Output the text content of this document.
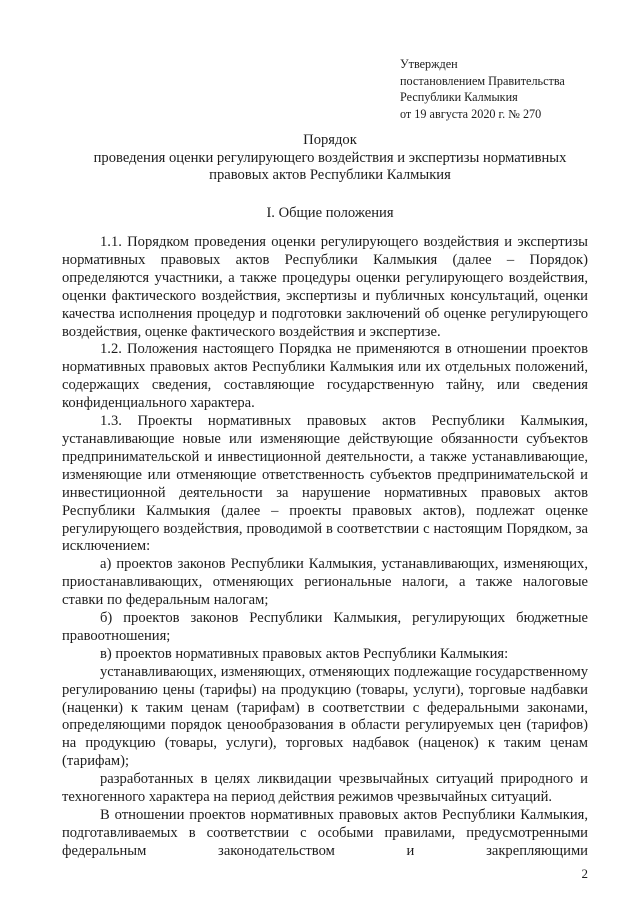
Утвержден
постановлением Правительства
Республики Калмыкия
от 19 августа 2020 г. № 270
Порядок
проведения оценки регулирующего воздействия и экспертизы нормативных
правовых актов Республики Калмыкия
I. Общие положения

1.1. Порядком проведения оценки регулирующего воздействия и экспертизы нормативных правовых актов Республики Калмыкия (далее – Порядок) определяются участники, а также процедуры оценки регулирующего воздействия, оценки фактического воздействия, экспертизы и публичных консультаций, оценки качества исполнения процедур и подготовки заключений об оценке регулирующего воздействия, оценке фактического воздействия и экспертизе.

1.2. Положения настоящего Порядка не применяются в отношении проектов нормативных правовых актов Республики Калмыкия или их отдельных положений, содержащих сведения, составляющие государственную тайну, или сведения конфиденциального характера.

1.3. Проекты нормативных правовых актов Республики Калмыкия, устанавливающие новые или изменяющие действующие обязанности субъектов предпринимательской и инвестиционной деятельности, а также устанавливающие, изменяющие или отменяющие ответственность субъектов предпринимательской и инвестиционной деятельности за нарушение нормативных правовых актов Республики Калмыкия (далее – проекты правовых актов), подлежат оценке регулирующего воздействия, проводимой в соответствии с настоящим Порядком, за исключением:

а) проектов законов Республики Калмыкия, устанавливающих, изменяющих, приостанавливающих, отменяющих региональные налоги, а также налоговые ставки по федеральным налогам;

б) проектов законов Республики Калмыкия, регулирующих бюджетные правоотношения;

в) проектов нормативных правовых актов Республики Калмыкия:

устанавливающих, изменяющих, отменяющих подлежащие государственному регулированию цены (тарифы) на продукцию (товары, услуги), торговые надбавки (наценки) к таким ценам (тарифам) в соответствии с федеральными законами, определяющими порядок ценообразования в области регулируемых цен (тарифов) на продукцию (товары, услуги), торговых надбавок (наценок) к таким ценам (тарифам);

разработанных в целях ликвидации чрезвычайных ситуаций природного и техногенного характера на период действия режимов чрезвычайных ситуаций.

В отношении проектов нормативных правовых актов Республики Калмыкия, подготавливаемых в соответствии с особыми правилами, предусмотренными федеральным законодательством и закрепляющими

2
